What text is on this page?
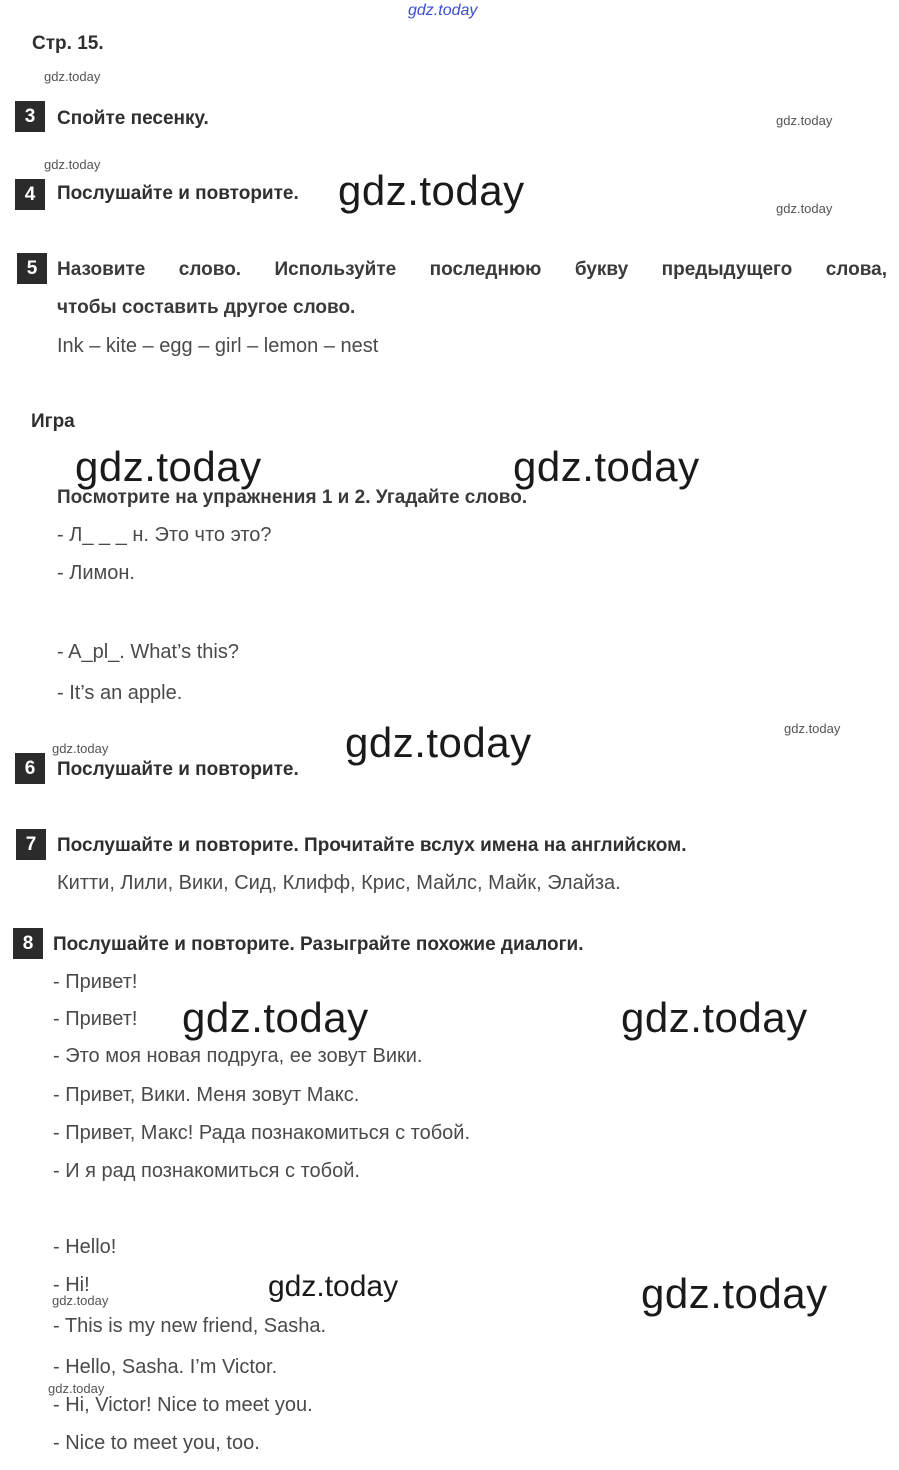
gdz.today
Стр. 15.
gdz.today
3	Спойте песенку.	gdz.today
gdz.today
4	Послушайте и повторите. gdz.today	gdz.today
5	Назовите слово. Используйте последнюю букву предыдущего слова,
чтобы составить другое слово.
Ink – kite – egg – girl – lemon – nest
Игра
gdz.today	gdz.today
Посмотрите на упражнения 1 и 2. Угадайте слово.
- Л_ _ _ н. Это что это?
- Лимон.
- A_pl_. What’s this?
- It’s an apple.
gdz.today
gdz.today	gdz.today
6	Послушайте и повторите.
7	Послушайте и повторите. Прочитайте вслух имена на английском.
Китти, Лили, Вики, Сид, Клифф, Крис, Майлс, Майк, Элайза.
8	Послушайте и повторите. Разыграйте похожие диалоги.
- Привет!
- Привет! gdz.today	gdz.today
- Это моя новая подруга, ее зовут Вики.
- Привет, Вики. Меня зовут Макс.
- Привет, Макс! Рада познакомиться с тобой.
- И я рад познакомиться с тобой.
- Hello!
- Hi!	gdz.today	gdz.today
gdz.today
- This is my new friend, Sasha.
- Hello, Sasha. I’m Victor.
gdz.today
- Hi, Victor! Nice to meet you.
- Nice to meet you, too.
